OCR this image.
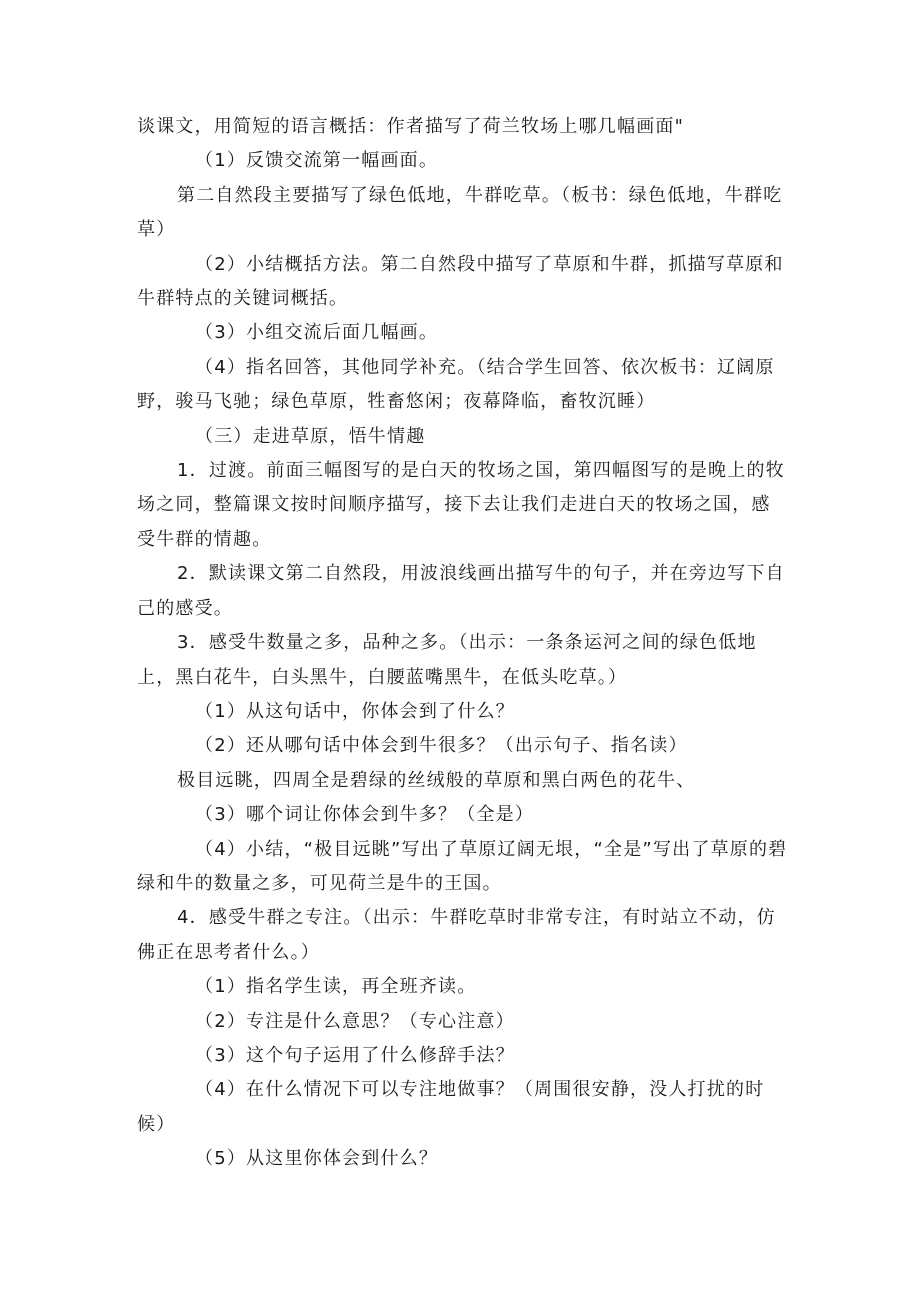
谈课文，用简短的语言概括：作者描写了荷兰牧场上哪几幅画面"

（1）反馈交流第一幅画面。

第二自然段主要描写了绿色低地，牛群吃草。（板书：绿色低地，牛群吃草）

（2）小结概括方法。第二自然段中描写了草原和牛群，抓描写草原和牛群特点的关键词概括。

（3）小组交流后面几幅画。

（4）指名回答，其他同学补充。（结合学生回答、依次板书：辽阔原野，骏马飞驰；绿色草原，牲畜悠闲；夜幕降临，畜牧沉睡）

（三）走进草原，悟牛情趣

1．过渡。前面三幅图写的是白天的牧场之国，第四幅图写的是晚上的牧场之同，整篇课文按时间顺序描写，接下去让我们走进白天的牧场之国，感受牛群的情趣。

2．默读课文第二自然段，用波浪线画出描写牛的句子，并在旁边写下自己的感受。

3．感受牛数量之多，品种之多。（出示：一条条运河之间的绿色低地上，黑白花牛，白头黑牛，白腰蓝嘴黑牛，在低头吃草。）

（1）从这句话中，你体会到了什么？

（2）还从哪句话中体会到牛很多？（出示句子、指名读）

极目远眺，四周全是碧绿的丝绒般的草原和黑白两色的花牛、

（3）哪个词让你体会到牛多？（全是）

（4）小结，“极目远眺”写出了草原辽阔无垠，“全是”写出了草原的碧绿和牛的数量之多，可见荷兰是牛的王国。

4．感受牛群之专注。（出示：牛群吃草时非常专注，有时站立不动，仿佛正在思考者什么。）

（1）指名学生读，再全班齐读。

（2）专注是什么意思？（专心注意）

（3）这个句子运用了什么修辞手法？

（4）在什么情况下可以专注地做事？（周围很安静，没人打扰的时候）

（5）从这里你体会到什么？
